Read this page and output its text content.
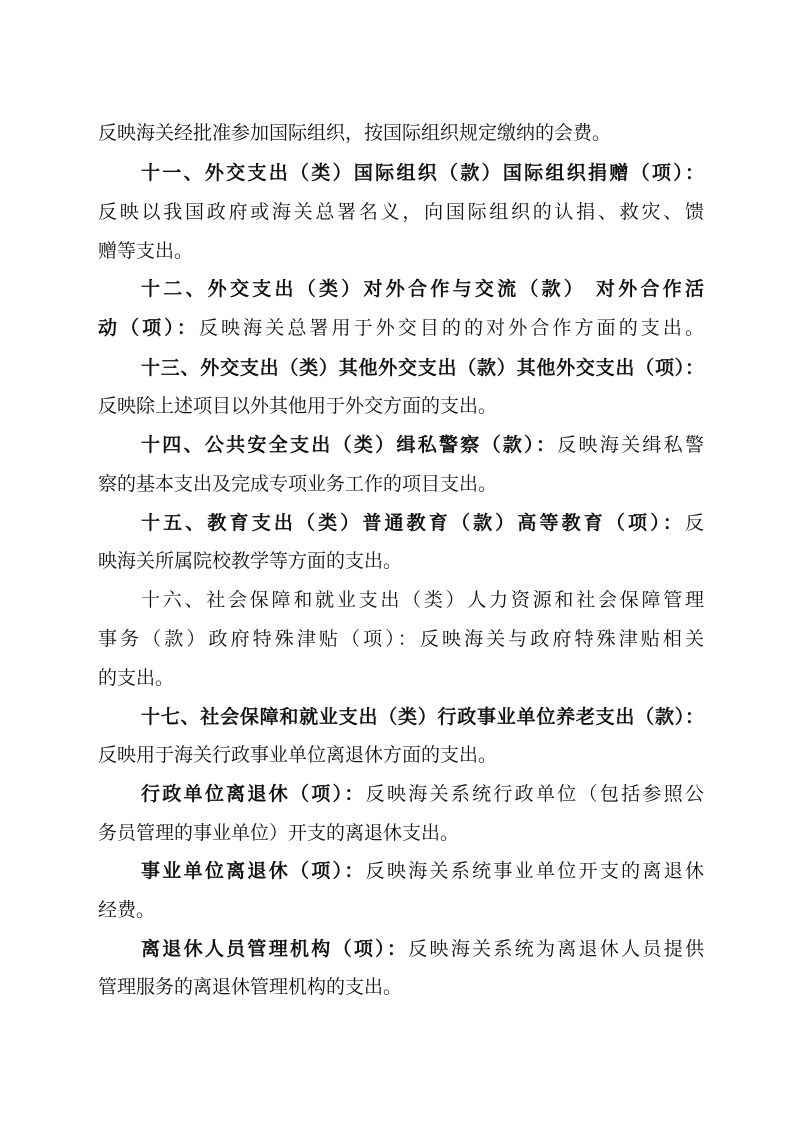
反映海关经批准参加国际组织，按国际组织规定缴纳的会费。
十一、外交支出（类）国际组织（款）国际组织捐赠（项）：
反映以我国政府或海关总署名义，向国际组织的认捐、救灾、馈
赠等支出。
十二、外交支出（类）对外合作与交流（款） 对外合作活
动（项）：反映海关总署用于外交目的的对外合作方面的支出。
十三、外交支出（类）其他外交支出（款）其他外交支出（项）：
反映除上述项目以外其他用于外交方面的支出。
十四、公共安全支出（类）缉私警察（款）：反映海关缉私警
察的基本支出及完成专项业务工作的项目支出。
十五、教育支出（类）普通教育（款）高等教育（项）：反
映海关所属院校教学等方面的支出。
十六、社会保障和就业支出（类）人力资源和社会保障管理
事务（款）政府特殊津贴（项）：反映海关与政府特殊津贴相关
的支出。
十七、社会保障和就业支出（类）行政事业单位养老支出（款）：
反映用于海关行政事业单位离退休方面的支出。
行政单位离退休（项）：反映海关系统行政单位（包括参照公
务员管理的事业单位）开支的离退休支出。
事业单位离退休（项）：反映海关系统事业单位开支的离退休
经费。
离退休人员管理机构（项）：反映海关系统为离退休人员提供
管理服务的离退休管理机构的支出。
